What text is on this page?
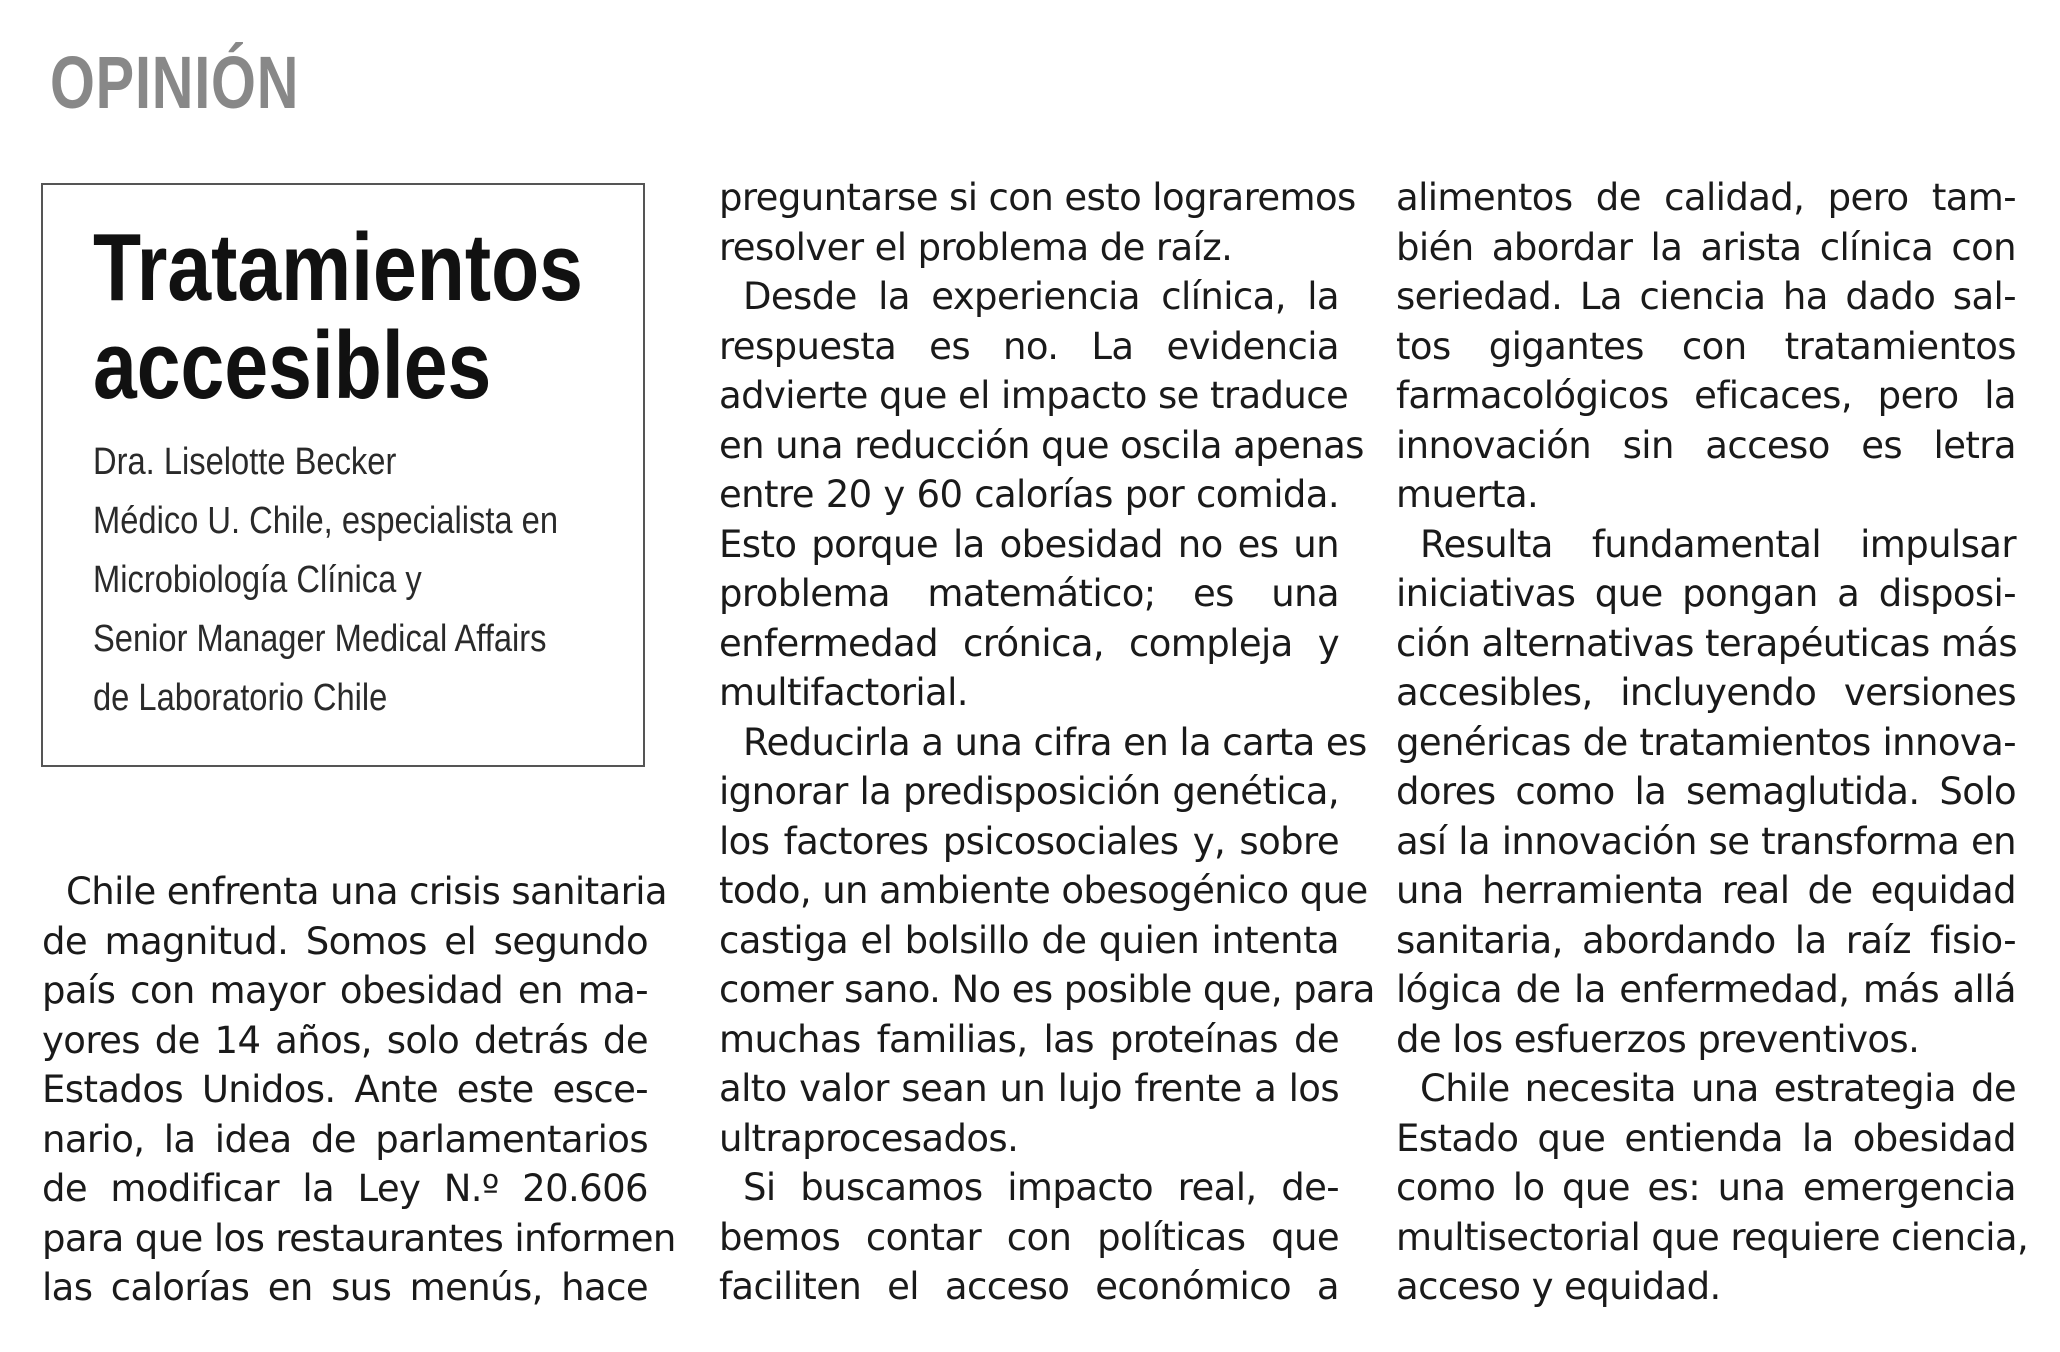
OPINIÓN
Tratamientos
accesibles
Dra. Liselotte Becker
Médico U. Chile, especialista en
Microbiología Clínica y
Senior Manager Medical Affairs
de Laboratorio Chile
Chile enfrenta una crisis sanitaria
de magnitud. Somos el segundo
país con mayor obesidad en ma-
yores de 14 años, solo detrás de
Estados Unidos. Ante este esce-
nario, la idea de parlamentarios
de modificar la Ley N.º 20.606
para que los restaurantes informen
las calorías en sus menús, hace
preguntarse si con esto lograremos
resolver el problema de raíz.
Desde la experiencia clínica, la
respuesta es no. La evidencia
advierte que el impacto se traduce
en una reducción que oscila apenas
entre 20 y 60 calorías por comida.
Esto porque la obesidad no es un
problema matemático; es una
enfermedad crónica, compleja y
multifactorial.
Reducirla a una cifra en la carta es
ignorar la predisposición genética,
los factores psicosociales y, sobre
todo, un ambiente obesogénico que
castiga el bolsillo de quien intenta
comer sano. No es posible que, para
muchas familias, las proteínas de
alto valor sean un lujo frente a los
ultraprocesados.
Si buscamos impacto real, de-
bemos contar con políticas que
faciliten el acceso económico a
alimentos de calidad, pero tam-
bién abordar la arista clínica con
seriedad. La ciencia ha dado sal-
tos gigantes con tratamientos
farmacológicos eficaces, pero la
innovación sin acceso es letra
muerta.
Resulta fundamental impulsar
iniciativas que pongan a disposi-
ción alternativas terapéuticas más
accesibles, incluyendo versiones
genéricas de tratamientos innova-
dores como la semaglutida. Solo
así la innovación se transforma en
una herramienta real de equidad
sanitaria, abordando la raíz fisio-
lógica de la enfermedad, más allá
de los esfuerzos preventivos.
Chile necesita una estrategia de
Estado que entienda la obesidad
como lo que es: una emergencia
multisectorial que requiere ciencia,
acceso y equidad.
